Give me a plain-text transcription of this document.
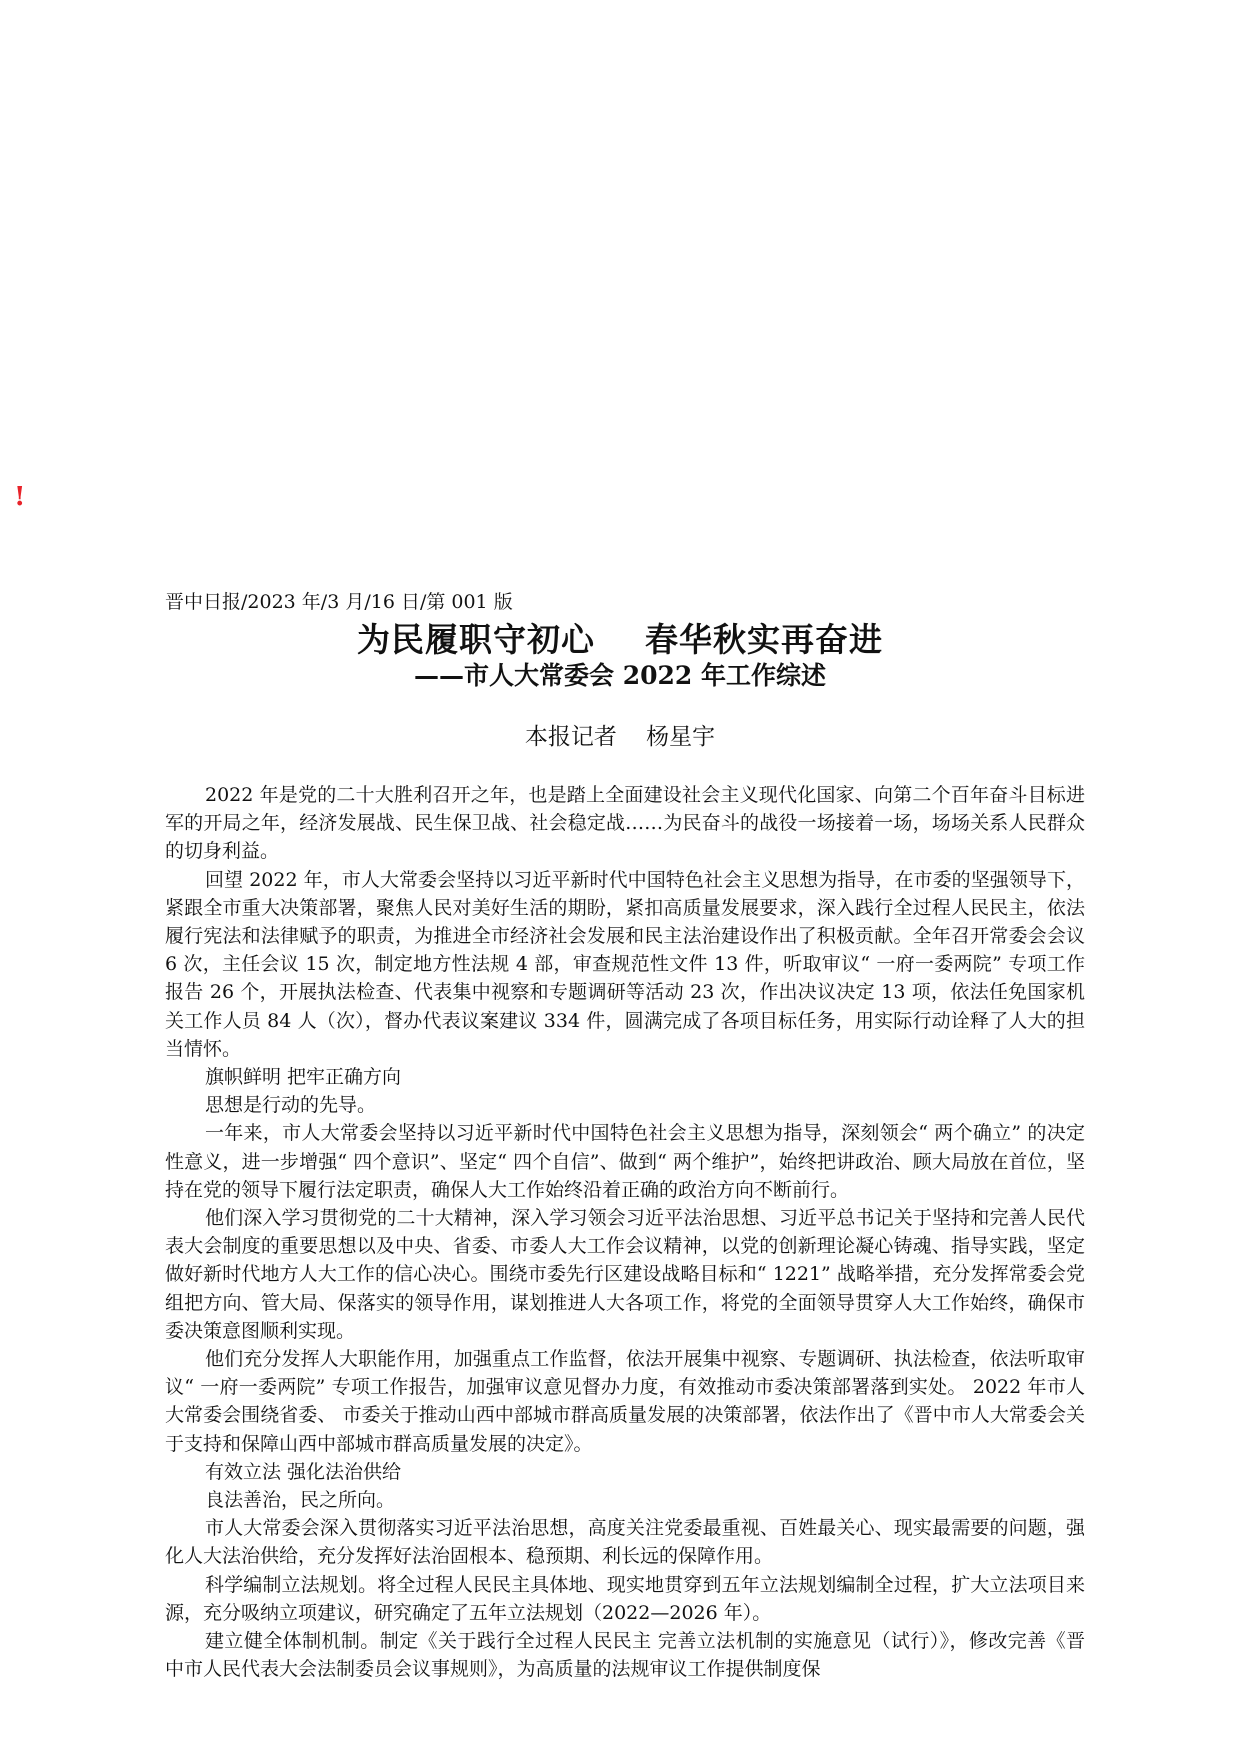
!
晋中日报/2023 年/3 月/16 日/第 001 版
为民履职守初心    春华秋实再奋进
——市人大常委会 2022 年工作综述
本报记者    杨星宇

2022 年是党的二十大胜利召开之年，也是踏上全面建设社会主义现代化国家、向第二个百年奋斗目标进军的开局之年，经济发展战、民生保卫战、社会稳定战……为民奋斗的战役一场接着一场，场场关系人民群众的切身利益。

回望 2022 年，市人大常委会坚持以习近平新时代中国特色社会主义思想为指导，在市委的坚强领导下，紧跟全市重大决策部署，聚焦人民对美好生活的期盼，紧扣高质量发展要求，深入践行全过程人民民主，依法履行宪法和法律赋予的职责，为推进全市经济社会发展和民主法治建设作出了积极贡献。全年召开常委会会议 6 次，主任会议 15 次，制定地方性法规 4 部，审查规范性文件 13 件，听取审议“ 一府一委两院” 专项工作报告 26 个，开展执法检查、代表集中视察和专题调研等活动 23 次，作出决议决定 13 项，依法任免国家机关工作人员 84 人（次），督办代表议案建议 334 件，圆满完成了各项目标任务，用实际行动诠释了人大的担当情怀。

旗帜鲜明 把牢正确方向

思想是行动的先导。

一年来，市人大常委会坚持以习近平新时代中国特色社会主义思想为指导，深刻领会“ 两个确立” 的决定性意义，进一步增强“ 四个意识”、坚定“ 四个自信”、做到“ 两个维护”，始终把讲政治、顾大局放在首位，坚持在党的领导下履行法定职责，确保人大工作始终沿着正确的政治方向不断前行。

他们深入学习贯彻党的二十大精神，深入学习领会习近平法治思想、习近平总书记关于坚持和完善人民代表大会制度的重要思想以及中央、省委、市委人大工作会议精神，以党的创新理论凝心铸魂、指导实践，坚定做好新时代地方人大工作的信心决心。围绕市委先行区建设战略目标和“ 1221” 战略举措，充分发挥常委会党组把方向、管大局、保落实的领导作用，谋划推进人大各项工作，将党的全面领导贯穿人大工作始终，确保市委决策意图顺利实现。

他们充分发挥人大职能作用，加强重点工作监督，依法开展集中视察、专题调研、执法检查，依法听取审议“ 一府一委两院” 专项工作报告，加强审议意见督办力度，有效推动市委决策部署落到实处。 2022 年市人大常委会围绕省委、 市委关于推动山西中部城市群高质量发展的决策部署，依法作出了《晋中市人大常委会关于支持和保障山西中部城市群高质量发展的决定》。

有效立法 强化法治供给

良法善治，民之所向。

市人大常委会深入贯彻落实习近平法治思想，高度关注党委最重视、百姓最关心、现实最需要的问题，强化人大法治供给，充分发挥好法治固根本、稳预期、利长远的保障作用。

科学编制立法规划。将全过程人民民主具体地、现实地贯穿到五年立法规划编制全过程，扩大立法项目来源，充分吸纳立项建议，研究确定了五年立法规划（2022—2026 年）。

建立健全体制机制。制定《关于践行全过程人民民主 完善立法机制的实施意见（试行）》，修改完善《晋中市人民代表大会法制委员会议事规则》，为高质量的法规审议工作提供制度保
